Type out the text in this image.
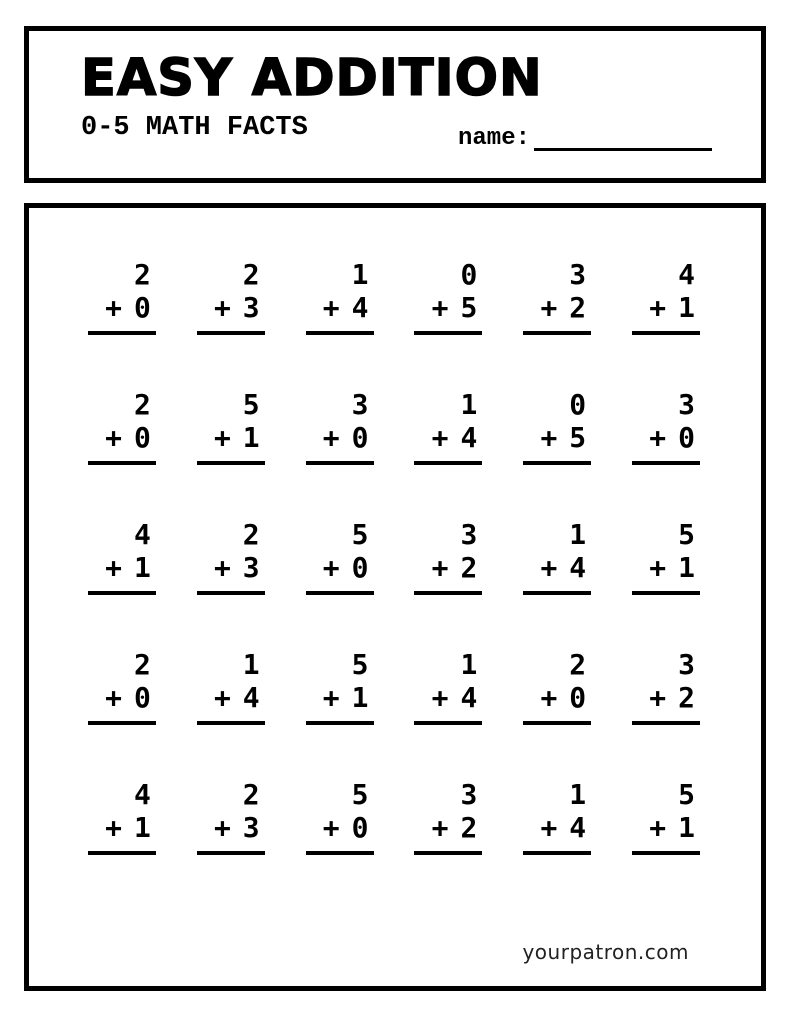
EASY ADDITION
0-5 MATH FACTS	name:
2
+ 0
2
+ 3
1
+ 4
0
+ 5
3
+ 2
4
+ 1
2
+ 0
5
+ 1
3
+ 0
1
+ 4
0
+ 5
3
+ 0
4
+ 1
2
+ 3
5
+ 0
3
+ 2
1
+ 4
5
+ 1
2
+ 0
1
+ 4
5
+ 1
1
+ 4
2
+ 0
3
+ 2
4
+ 1
2
+ 3
5
+ 0
3
+ 2
1
+ 4
5
+ 1
yourpatron.com
